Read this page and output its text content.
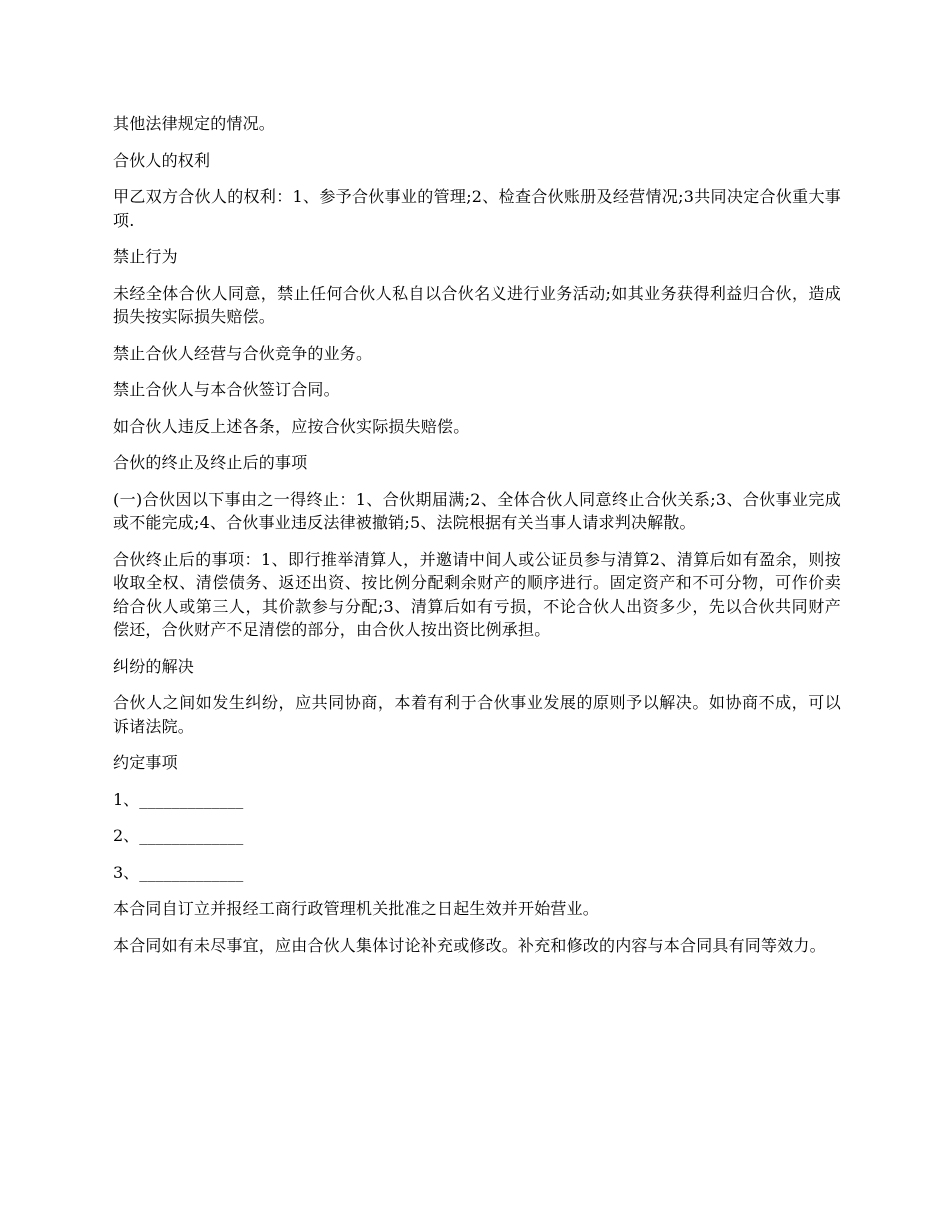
其他法律规定的情况。

合伙人的权利

甲乙双方合伙人的权利：1、参予合伙事业的管理;2、检查合伙账册及经营情况;3共同决定合伙重大事项.

禁止行为

未经全体合伙人同意，禁止任何合伙人私自以合伙名义进行业务活动;如其业务获得利益归合伙，造成损失按实际损失赔偿。

禁止合伙人经营与合伙竞争的业务。

禁止合伙人与本合伙签订合同。

如合伙人违反上述各条，应按合伙实际损失赔偿。

合伙的终止及终止后的事项

(一)合伙因以下事由之一得终止：1、合伙期届满;2、全体合伙人同意终止合伙关系;3、合伙事业完成或不能完成;4、合伙事业违反法律被撤销;5、法院根据有关当事人请求判决解散。

合伙终止后的事项：1、即行推举清算人，并邀请中间人或公证员参与清算2、清算后如有盈余，则按收取全权、清偿债务、返还出资、按比例分配剩余财产的顺序进行。固定资产和不可分物，可作价卖给合伙人或第三人，其价款参与分配;3、清算后如有亏损，不论合伙人出资多少，先以合伙共同财产偿还，合伙财产不足清偿的部分，由合伙人按出资比例承担。

纠纷的解决

合伙人之间如发生纠纷，应共同协商，本着有利于合伙事业发展的原则予以解决。如协商不成，可以诉诸法院。

约定事项

1、 _____________
2、 _____________
3、 _____________

本合同自订立并报经工商行政管理机关批准之日起生效并开始营业。

本合同如有未尽事宜，应由合伙人集体讨论补充或修改。补充和修改的内容与本合同具有同等效力。
